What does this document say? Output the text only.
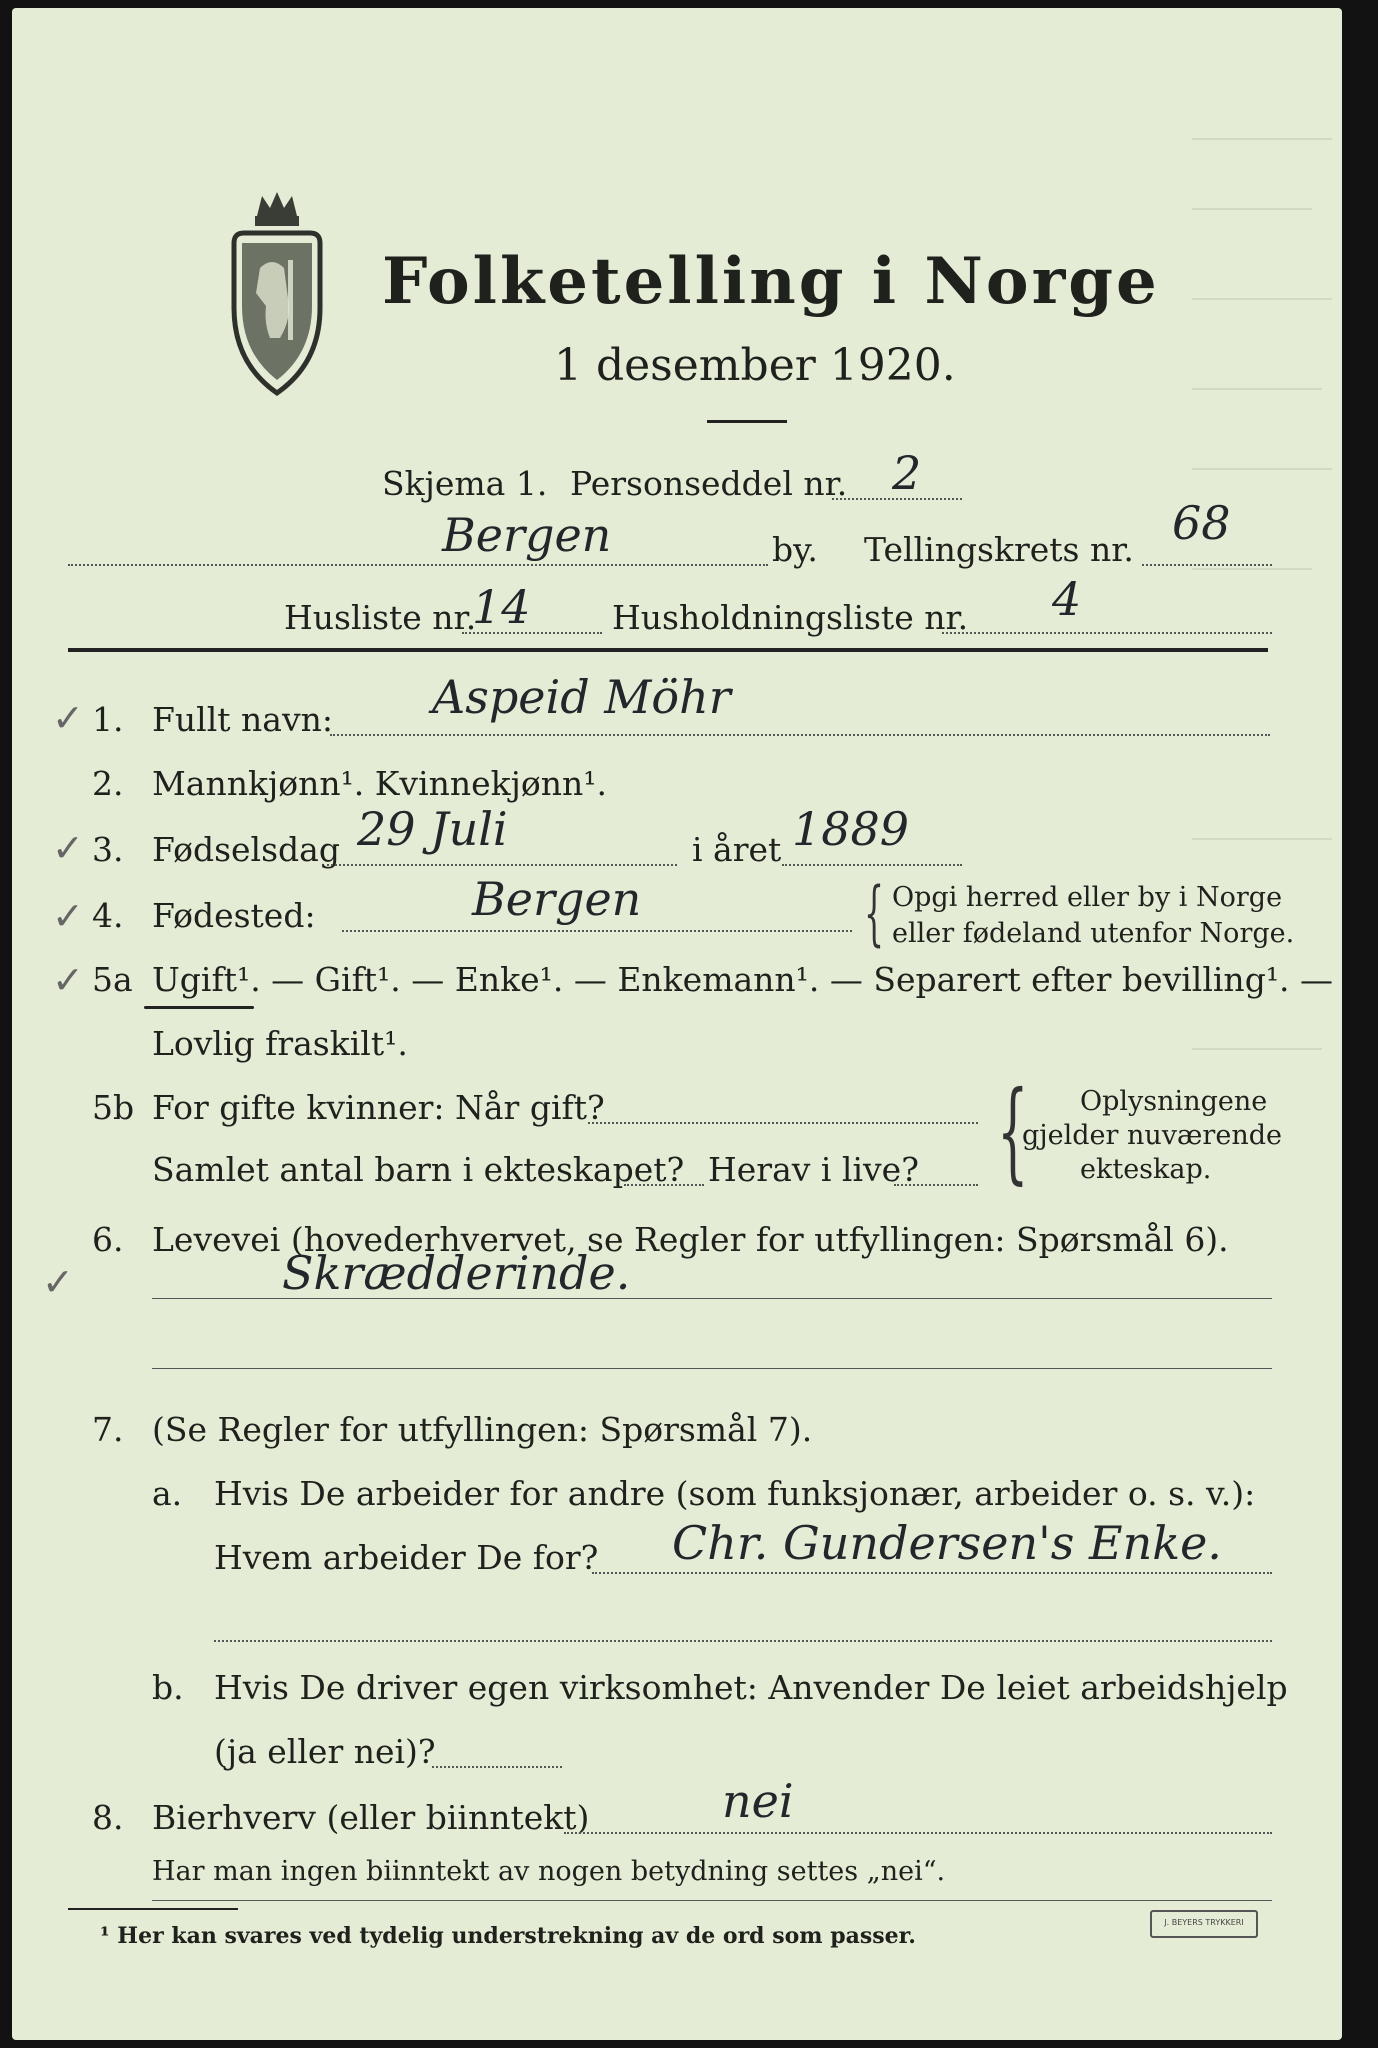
Folketelling i Norge
1 desember 1920.
Skjema 1. Personseddel nr. 2
Bergen	by. Tellingskrets nr. 68
Husliste nr.
14 Husholdningsliste nr. 4
✓ 1. Fullt navn: Aspeid Möhr
2. Mannkjønn¹. Kvinnekjønn¹.
✓ 3. Fødselsdag 29 Juli	i året 1889
✓ 4. Fødested:	Bergen	{ Opgi herred eller by i Norge
eller fødeland utenfor Norge.
✓ 5a Ugift¹. — Gift¹. — Enke¹. — Enkemann¹. — Separert efter bevilling¹. —
Lovlig fraskilt¹.
5b For gifte kvinner: Når gift?
Samlet antal barn i ekteskapet? Herav i live? { Oplysningene
gjelder nuværende
ekteskap.
✓
6. Levevei (hovederhvervet, se Regler for utfyllingen: Spørsmål 6).
Skrædderinde.
7. (Se Regler for utfyllingen: Spørsmål 7).
a. Hvis De arbeider for andre (som funksjonær, arbeider o. s. v.):
Hvem arbeider De for? Chr. Gundersen's Enke.
b. Hvis De driver egen virksomhet: Anvender De leiet arbeidshjelp
(ja eller nei)?
8. Bierhverv (eller biinntekt)	nei
Har man ingen biinntekt av nogen betydning settes „nei“.
¹ Her kan svares ved tydelig understrekning av de ord som passer.
J. BEYERS TRYKKERI
